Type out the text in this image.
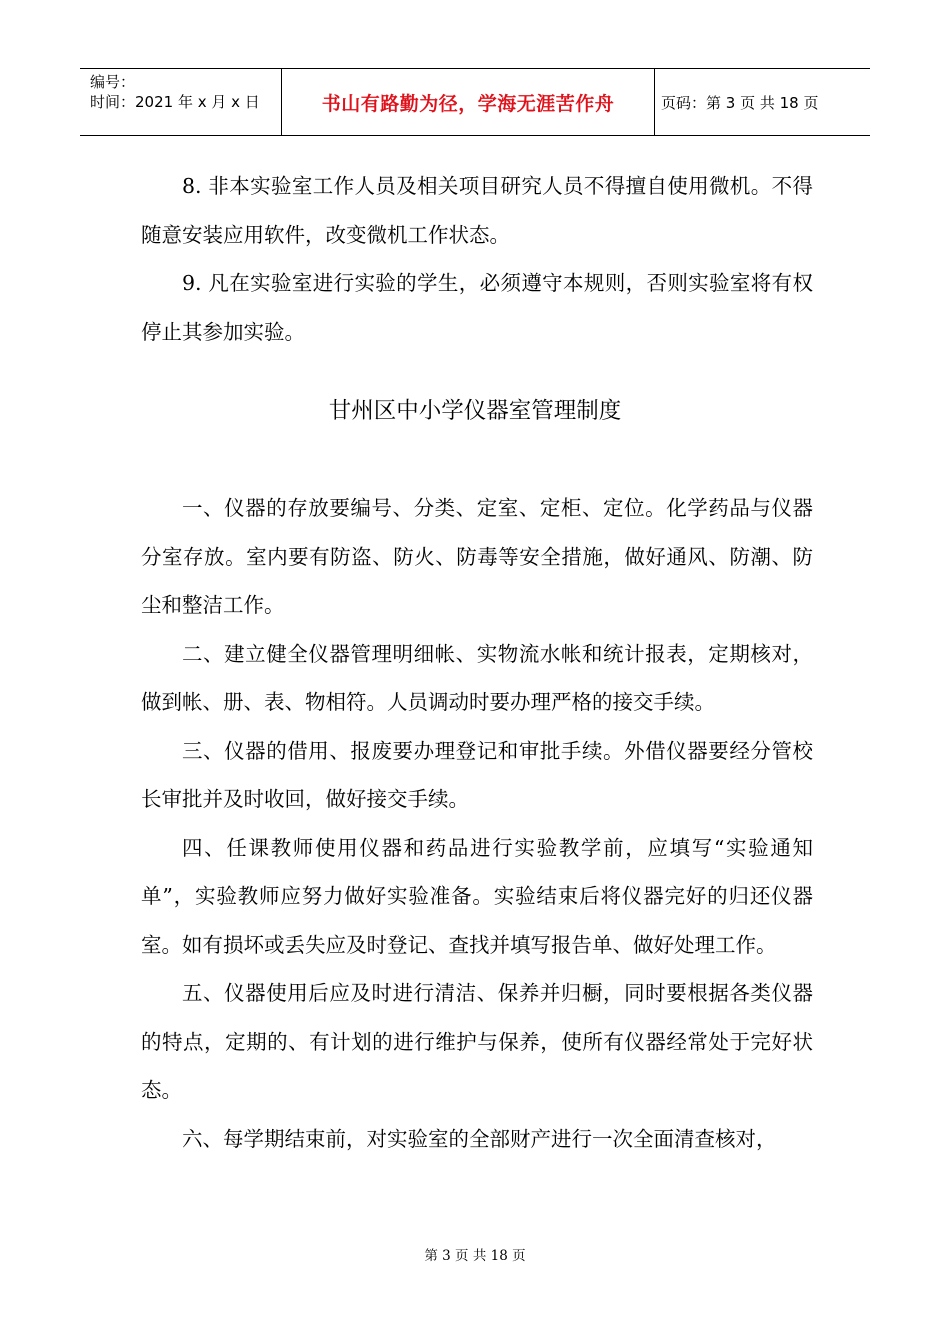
编号：
时间：2021 年 x 月 x 日	书山有路勤为径，学海无涯苦作舟	页码：第 3 页 共 18 页

8. 非本实验室工作人员及相关项目研究人员不得擅自使用微机。不得随意安装应用软件，改变微机工作状态。

9. 凡在实验室进行实验的学生，必须遵守本规则，否则实验室将有权停止其参加实验。

甘州区中小学仪器室管理制度

一、仪器的存放要编号、分类、定室、定柜、定位。化学药品与仪器分室存放。室内要有防盗、防火、防毒等安全措施，做好通风、防潮、防尘和整洁工作。

二、建立健全仪器管理明细帐、实物流水帐和统计报表，定期核对，做到帐、册、表、物相符。人员调动时要办理严格的接交手续。

三、仪器的借用、报废要办理登记和审批手续。外借仪器要经分管校长审批并及时收回，做好接交手续。

四、任课教师使用仪器和药品进行实验教学前，应填写“实验通知单”，实验教师应努力做好实验准备。实验结束后将仪器完好的归还仪器室。如有损坏或丢失应及时登记、查找并填写报告单、做好处理工作。

五、仪器使用后应及时进行清洁、保养并归橱，同时要根据各类仪器的特点，定期的、有计划的进行维护与保养，使所有仪器经常处于完好状态。

六、每学期结束前，对实验室的全部财产进行一次全面清查核对，

第 3 页 共 18 页
